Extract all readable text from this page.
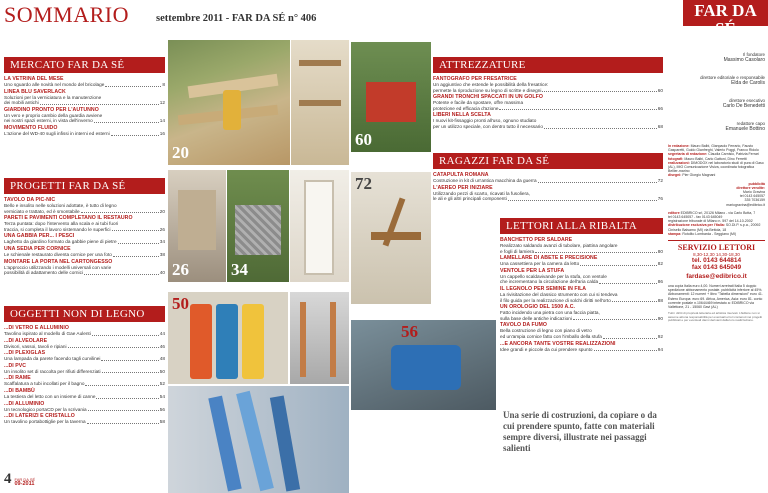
SOMMARIO	settembre 2011 - FAR DA SÉ n° 406	FAR DA SÉ
www.edibrico.it
MERCATO FAR DA SÉ
LA VETRINA DEL MESE
Uno sguardo alle novità nel mondo del bricolage	8
LINEA BLU SAVERLACK
Soluzioni per la verniciatura e la manutenzione
dei mobili antichi	12
GIARDINO PRONTO PER L'AUTUNNO
Un vero e proprio cambio della guardia avviene
nei nostri spazi esterni, in vista dell'inverno	14
MOVIMENTO FLUIDO
L'azione del WD-40 sugli infissi in interni ed esterni	16
PROGETTI FAR DA SÉ
TAVOLO DA PIC-NIC
Bello e insolito nelle soluzioni adottate, è tutto di legno
verniciato e trattato, ed è smontabile	20
PARETI E PAVIMENTI COMPLETANO IL RESTAURO
Terza puntata: dopo l'intervento alla scala e ai tubi fuori
traccia, si completa il lavoro sistemando le superfici	26
UNA GABBIA PER... I PESCI
Laghetto da giardino formato da gabbie piene di pietre	34
UNA SEDIA PER CORNICE
Le schienale restaurato diventa cornice per una foto	38
MONTARE LA PORTA NEL CARTONGESSO
L'approccio utilizzando i modelli universali con varie
possibilità di adattamento delle cornici	40
OGGETTI NON DI LEGNO
...DI VETRO E ALLUMINIO
Tavolino ispirato al modello di Gae Aulenti	44
...DI ALVEOLARE
Divisori, vassoi, tavoli e ripiani	46
...DI PLEXIGLAS
Una lampada da parete facendo tagli curvilinei	48
...DI PVC
Un insolito set di raccolta per rifiuti differenziati	50
...DI RAME
Scaffalatura a tubi incollati per il bagno	52
...DI BAMBÙ
La testiera del letto con un insieme di canne	54
...DI ALLUMINIO
Un tecnologico portaCD per la scrivania	56
...DI LATERIZI E CRISTALLO
Un tavolino portabottiglie per la taverna	58
4 FAR DA SÉ
09-2011
20
26 34
50
60
72
56
ATTREZZATURE
FANTOGRAFO PER FRESATRICE
Un aggiuntivo che estende le possibilità della fresatrice:
permette la riproduzione su legno di scritte e disegni	60
GRANDI TRONCHI SPACCATI IN UN GOLFO
Potente e facile da spostare, offre massima
protezione ed efficacia d'azione	66
LIBERI NELLA SCELTA
I nuovi kit-fissaggio pronti all'uso, ognuno studiato
per un utilizzo speciale, con dentro tutto il necessario	68
RAGAZZI FAR DA SÉ
CATAPULTA ROMANA
Costruzione in kit di un'antica macchina da guerra	72
L'AEREO PER INIZIARE
Utilizzando pezzi di scarto, ricavati la fusoliera,
le ali e gli altri principali componenti	76
LETTORI ALLA RIBALTA
BANCHETTO PER SALDARE
Realizzato saldando avanzi di tubolare, piattina angolare
e fogli di lamiera	80
LAMELLARE DI ABETE E PRECISIONE
Una cassettiera per la camera da letto	82
VENTOLE PER LA STUFA
Un cappello scaldavivande per la stufa, con ventole
che incrementano la circolazione dell'aria calda	86
IL LEGNOLO PER SEMINE IN FILA
La rivisitazione del classico strumento con cui si tendeva
il filo guida per la realizzazione di solchi diritti nell'orto	88
UN OROLOGIO DEL 1500 A.C.
Fatto incidendo una pietra con una faccia piatta,
sulla base delle antiche indicazioni	90
TAVOLO DA FUMO
Bella costruzione di legno con piano di vetro
ed un'ampia cornice fatto con l'imballo della stufa	92
...E ANCORA TANTE VOSTRE REALIZZAZIONI
Idee grandi e piccole da cui prendere spunto	94
Una serie di costruzioni, da copiare o da cui prendere spunto, fatte con materiali sempre diversi, illustrate nei passaggi salienti
Il fondatore
Massimo Casolaro
direttore editoriale e responsabile
Elda de Carolis
direttore esecutivo
Carlo De Benedetti
redattore capo
Emanuele Bottino
In redazione: Mauro Balbi, Gianpaolo Ferrario, Fausto Gasparetti, Guido Gianfreghi, Valerio Poggi, Franco Ridolo
segretaria di redazione: Claudia Carnisio, Patrizia Ferrari
fotografi: Mauro Balbi, Carlo Gattoni, Dino Ferretti
realizzazioni: DIMODOX nel laboratorio studi di pura di Gaso (AL), IMO Comunicazione Visiva, coordinata fotografica Bellier-marino
disegni: Pier Giorgio Magnani
pubblicità
direttore vendite:
Mario Gravina
tel 0143 645057
335 7036159
mariogravina@edibrico.it
editore EDIBRICO srl, 20126 Milano - via Carlo Botta, 7
tel 0143 645057 - fax 0143 645049
registrazione tribunale di Milano n. 597 del 14-10-2002
distribuzione esclusiva per l'Italia: SO.DI.P. s.p.a., 20092 Cinisello Balsamo (MI) via Bettola, 18
stampa: Rotolito Lombarda - Seggiano (MI)
SERVIZIO LETTORI
8,30-12,30 14,30-18,30
tel. 0143 644814
fax 0143 645049
fardase@edibrico.it
una copia Italia euro 4,00. Numeri arretrati Italia 5 doppio spedizione abbonamento postale. pubblicità inferiore al 45%. Abbonamenti: 12 numeri + libro "Tabella dimensioni" euro 41. Estero Europa: euro 69. Africa, America, Asia: euro 81. conto corrente postale n.10644469 intestato a: EDIBRICO via Vallettone, 21 - 15060 Gavi (AL)
Tutti i diritti di proprietà letteraria ed artistica riservati. L'Editore non si assume alcuna responsabilità per eventuali errori contenuti nei progetti pubblicati e per eventuali danni derivanti dalla loro realizzazione.
